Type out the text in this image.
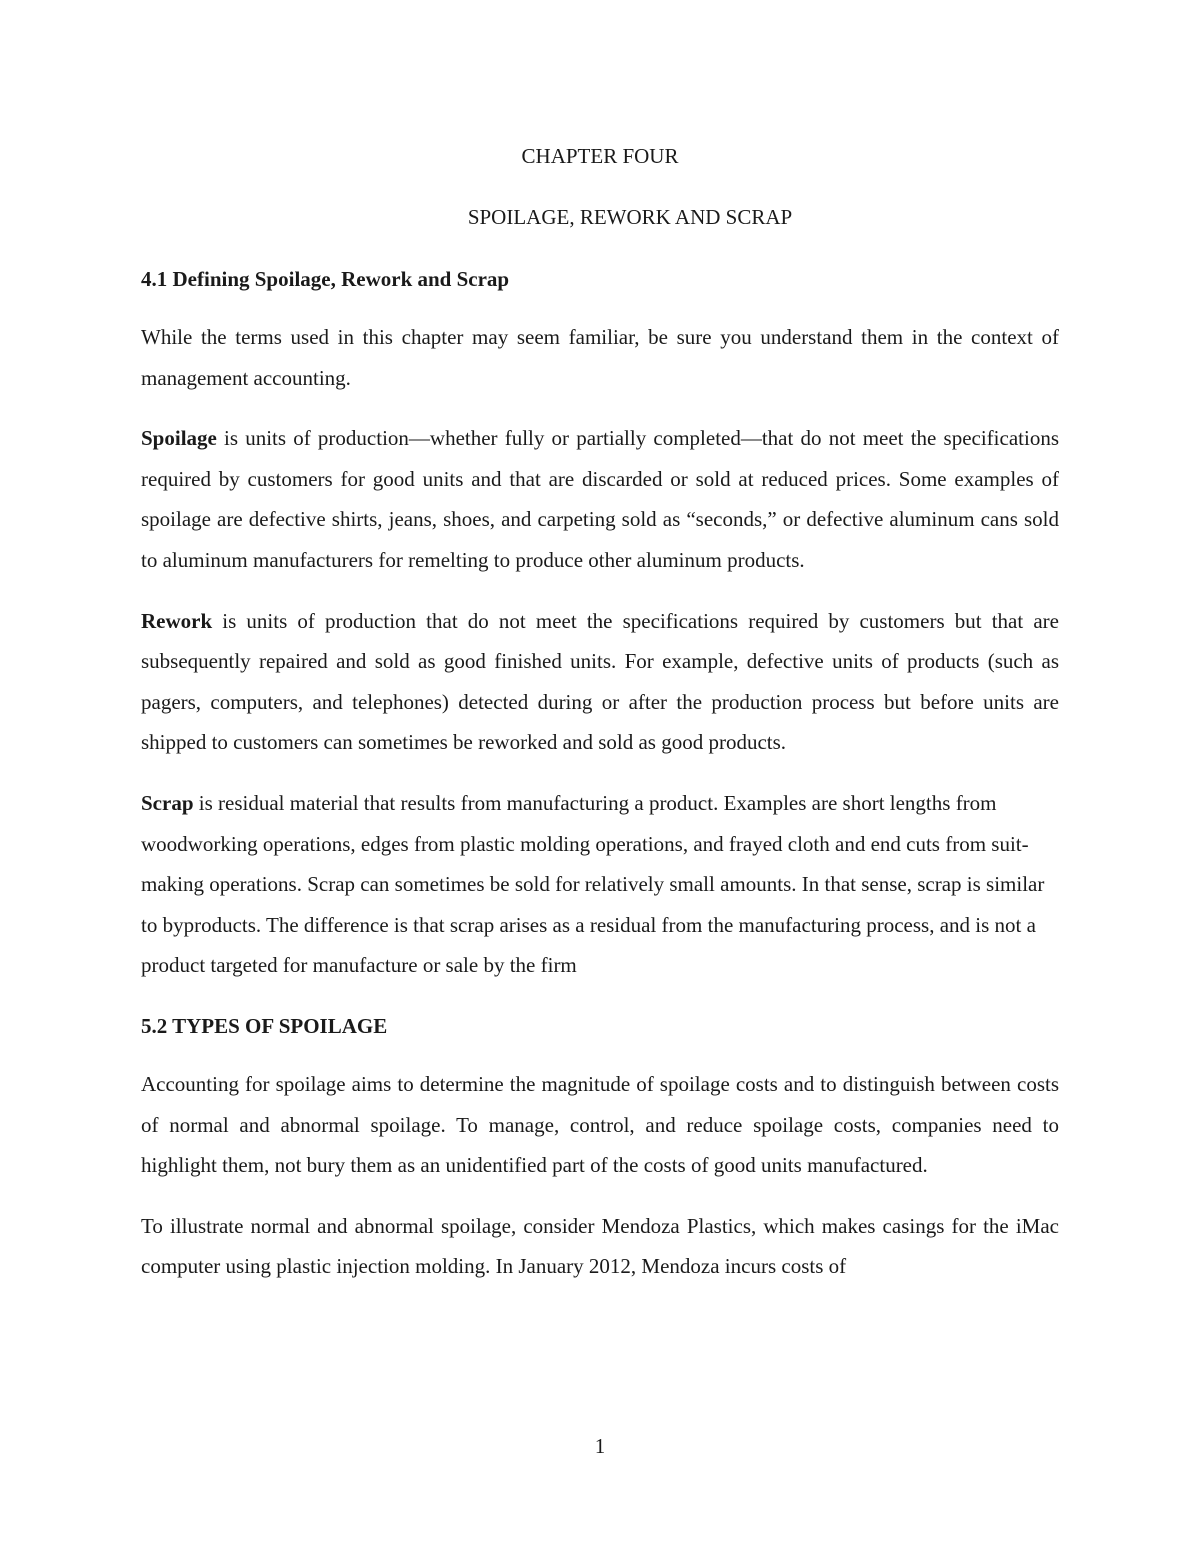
CHAPTER FOUR
SPOILAGE, REWORK AND SCRAP
4.1 Defining Spoilage, Rework and Scrap

While the terms used in this chapter may seem familiar, be sure you understand them in the context of management accounting.

Spoilage is units of production—whether fully or partially completed—that do not meet the specifications required by customers for good units and that are discarded or sold at reduced prices. Some examples of spoilage are defective shirts, jeans, shoes, and carpeting sold as “seconds,” or defective aluminum cans sold to aluminum manufacturers for remelting to produce other aluminum products.

Rework is units of production that do not meet the specifications required by customers but that are subsequently repaired and sold as good finished units. For example, defective units of products (such as pagers, computers, and telephones) detected during or after the production process but before units are shipped to customers can sometimes be reworked and sold as good products.

Scrap is residual material that results from manufacturing a product. Examples are short lengths from woodworking operations, edges from plastic molding operations, and frayed cloth and end cuts from suit-making operations. Scrap can sometimes be sold for relatively small amounts. In that sense, scrap is similar to byproducts. The difference is that scrap arises as a residual from the manufacturing process, and is not a product targeted for manufacture or sale by the firm

5.2 TYPES OF SPOILAGE

Accounting for spoilage aims to determine the magnitude of spoilage costs and to distinguish between costs of normal and abnormal spoilage. To manage, control, and reduce spoilage costs, companies need to highlight them, not bury them as an unidentified part of the costs of good units manufactured.

To illustrate normal and abnormal spoilage, consider Mendoza Plastics, which makes casings for the iMac computer using plastic injection molding. In January 2012, Mendoza incurs costs of

1
